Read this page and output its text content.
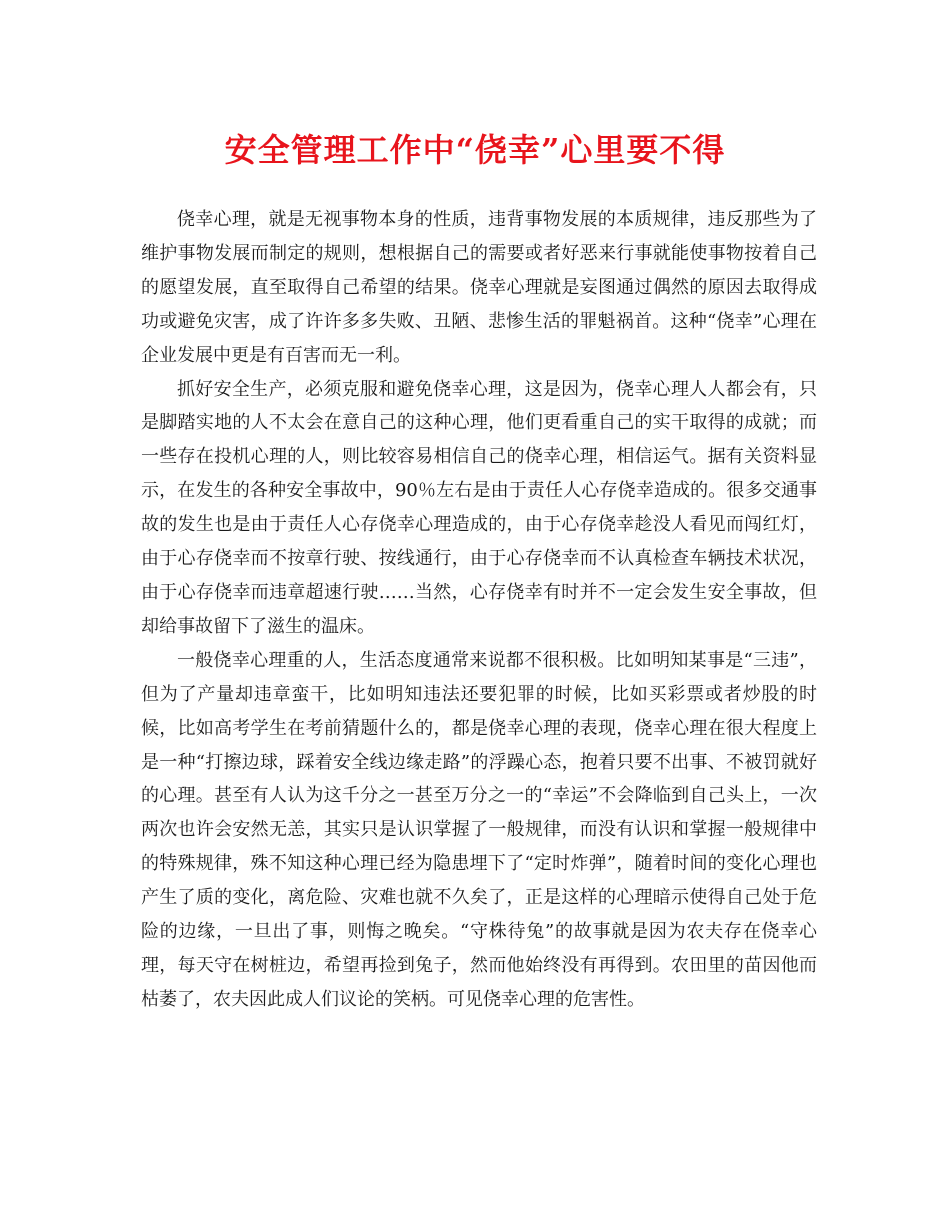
安全管理工作中“侥幸”心里要不得

侥幸心理，就是无视事物本身的性质，违背事物发展的本质规律，违反那些为了维护事物发展而制定的规则，想根据自己的需要或者好恶来行事就能使事物按着自己的愿望发展，直至取得自己希望的结果。侥幸心理就是妄图通过偶然的原因去取得成功或避免灾害，成了许许多多失败、丑陋、悲惨生活的罪魁祸首。这种“侥幸”心理在企业发展中更是有百害而无一利。

抓好安全生产，必须克服和避免侥幸心理，这是因为，侥幸心理人人都会有，只是脚踏实地的人不太会在意自己的这种心理，他们更看重自己的实干取得的成就；而一些存在投机心理的人，则比较容易相信自己的侥幸心理，相信运气。据有关资料显示，在发生的各种安全事故中，90％左右是由于责任人心存侥幸造成的。很多交通事故的发生也是由于责任人心存侥幸心理造成的，由于心存侥幸趁没人看见而闯红灯，由于心存侥幸而不按章行驶、按线通行，由于心存侥幸而不认真检查车辆技术状况，由于心存侥幸而违章超速行驶……当然，心存侥幸有时并不一定会发生安全事故，但却给事故留下了滋生的温床。

一般侥幸心理重的人，生活态度通常来说都不很积极。比如明知某事是“三违”，但为了产量却违章蛮干，比如明知违法还要犯罪的时候，比如买彩票或者炒股的时候，比如高考学生在考前猜题什么的，都是侥幸心理的表现，侥幸心理在很大程度上是一种“打擦边球，踩着安全线边缘走路”的浮躁心态，抱着只要不出事、不被罚就好的心理。甚至有人认为这千分之一甚至万分之一的“幸运”不会降临到自己头上，一次两次也许会安然无恙，其实只是认识掌握了一般规律，而没有认识和掌握一般规律中的特殊规律，殊不知这种心理已经为隐患埋下了“定时炸弹”，随着时间的变化心理也产生了质的变化，离危险、灾难也就不久矣了，正是这样的心理暗示使得自己处于危险的边缘，一旦出了事，则悔之晚矣。“守株待兔”的故事就是因为农夫存在侥幸心理，每天守在树桩边，希望再捡到兔子，然而他始终没有再得到。农田里的苗因他而枯萎了，农夫因此成人们议论的笑柄。可见侥幸心理的危害性。
